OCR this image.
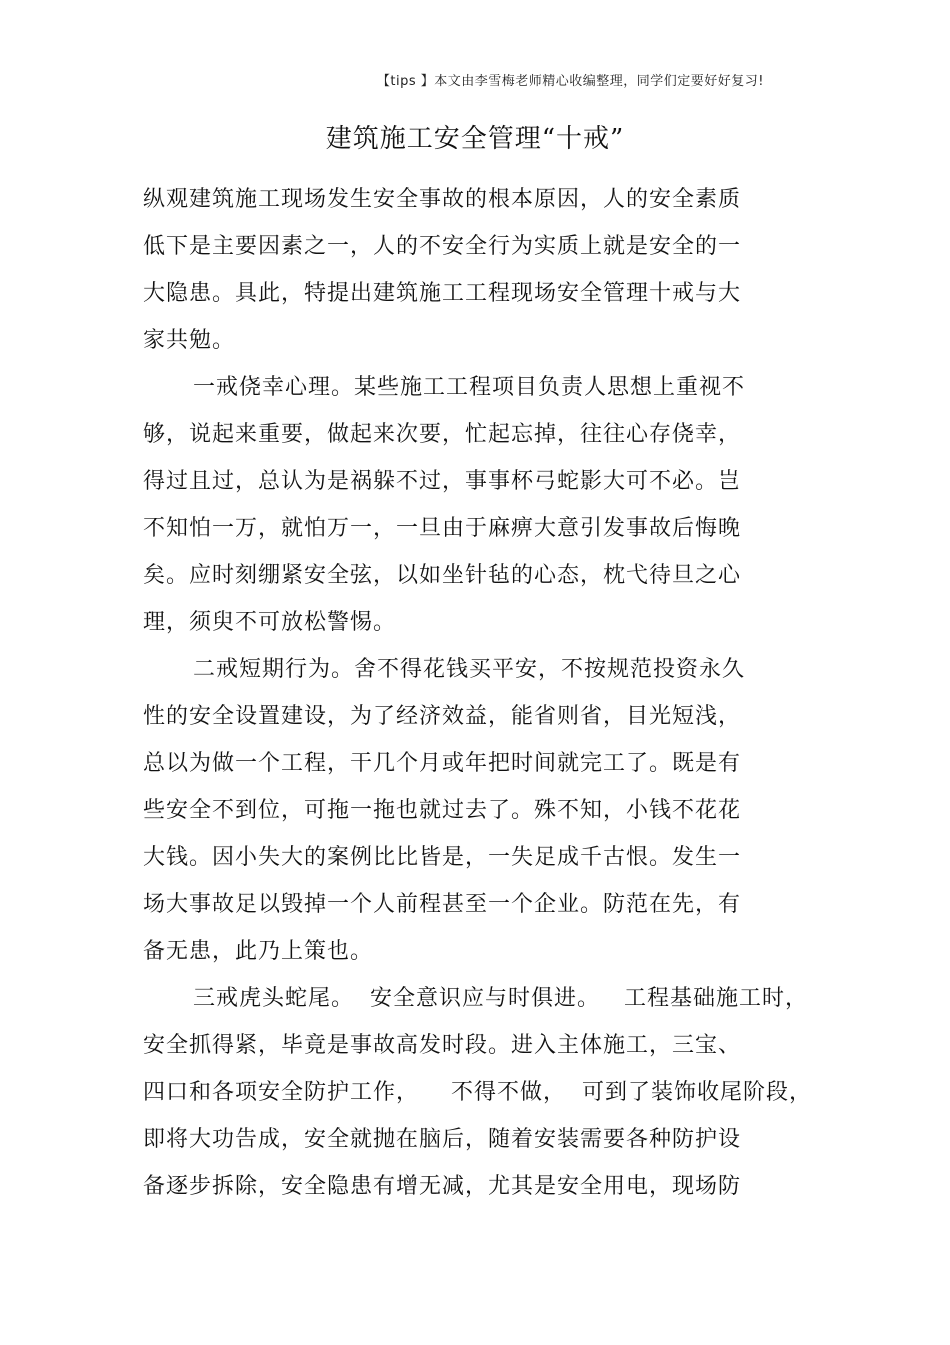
【tips 】本文由李雪梅老师精心收编整理，同学们定要好好复习!
建筑施工安全管理“十戒”
纵观建筑施工现场发生安全事故的根本原因，人的安全素质
低下是主要因素之一，人的不安全行为实质上就是安全的一
大隐患。具此，特提出建筑施工工程现场安全管理十戒与大
家共勉。
一戒侥幸心理。某些施工工程项目负责人思想上重视不
够，说起来重要，做起来次要，忙起忘掉，往往心存侥幸，
得过且过，总认为是祸躲不过，事事杯弓蛇影大可不必。岂
不知怕一万，就怕万一，一旦由于麻痹大意引发事故后悔晚
矣。应时刻绷紧安全弦，以如坐针毡的心态，枕弋待旦之心
理，须臾不可放松警惕。
二戒短期行为。舍不得花钱买平安，不按规范投资永久
性的安全设置建设，为了经济效益，能省则省，目光短浅，
总以为做一个工程，干几个月或年把时间就完工了。既是有
些安全不到位，可拖一拖也就过去了。殊不知，小钱不花花
大钱。因小失大的案例比比皆是，一失足成千古恨。发生一
场大事故足以毁掉一个人前程甚至一个企业。防范在先，有
备无患，此乃上策也。
三戒虎头蛇尾。  安全意识应与时俱进。   工程基础施工时，
安全抓得紧，毕竟是事故高发时段。进入主体施工，三宝、
四口和各项安全防护工作，    不得不做，  可到了装饰收尾阶段，
即将大功告成，安全就抛在脑后，随着安装需要各种防护设
备逐步拆除，安全隐患有增无减，尤其是安全用电，现场防
